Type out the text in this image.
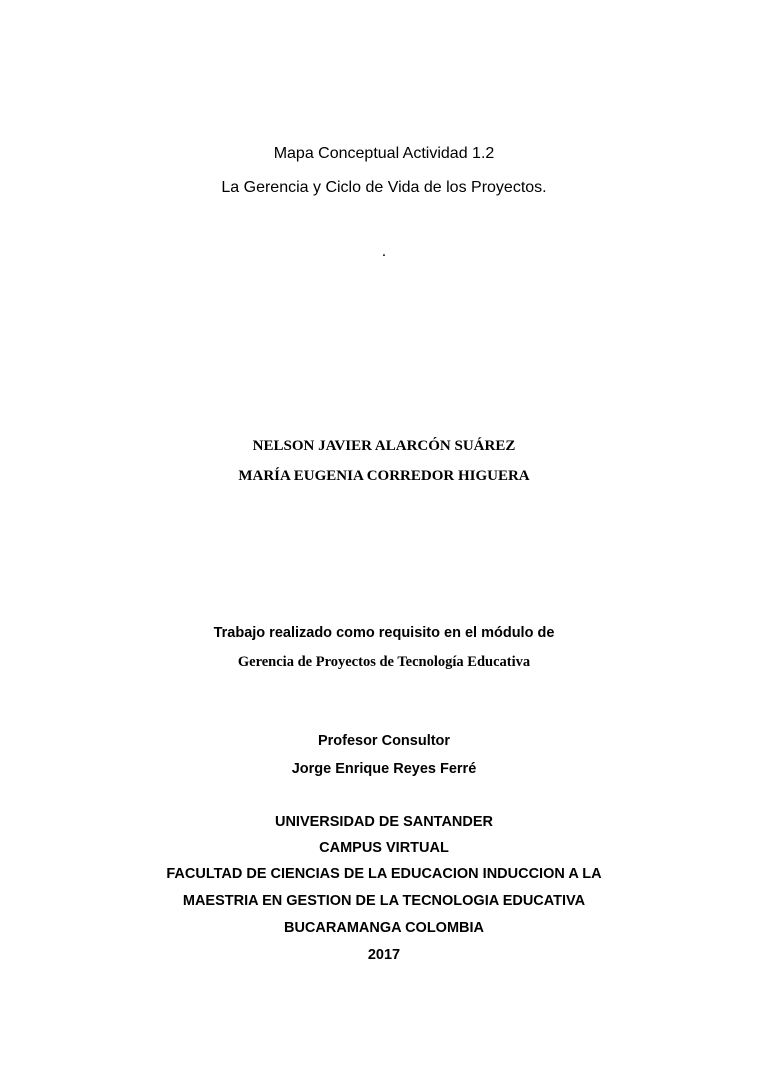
Mapa Conceptual Actividad 1.2
La Gerencia y Ciclo de Vida de los Proyectos.
.
NELSON JAVIER ALARCÓN SUÁREZ
MARÍA EUGENIA CORREDOR HIGUERA
Trabajo realizado como requisito en el módulo de
Gerencia de Proyectos de Tecnología Educativa
Profesor Consultor
Jorge Enrique Reyes Ferré
UNIVERSIDAD DE SANTANDER
CAMPUS VIRTUAL
FACULTAD DE CIENCIAS DE LA EDUCACION INDUCCION A LA
MAESTRIA EN GESTION DE LA TECNOLOGIA EDUCATIVA
BUCARAMANGA COLOMBIA
2017
